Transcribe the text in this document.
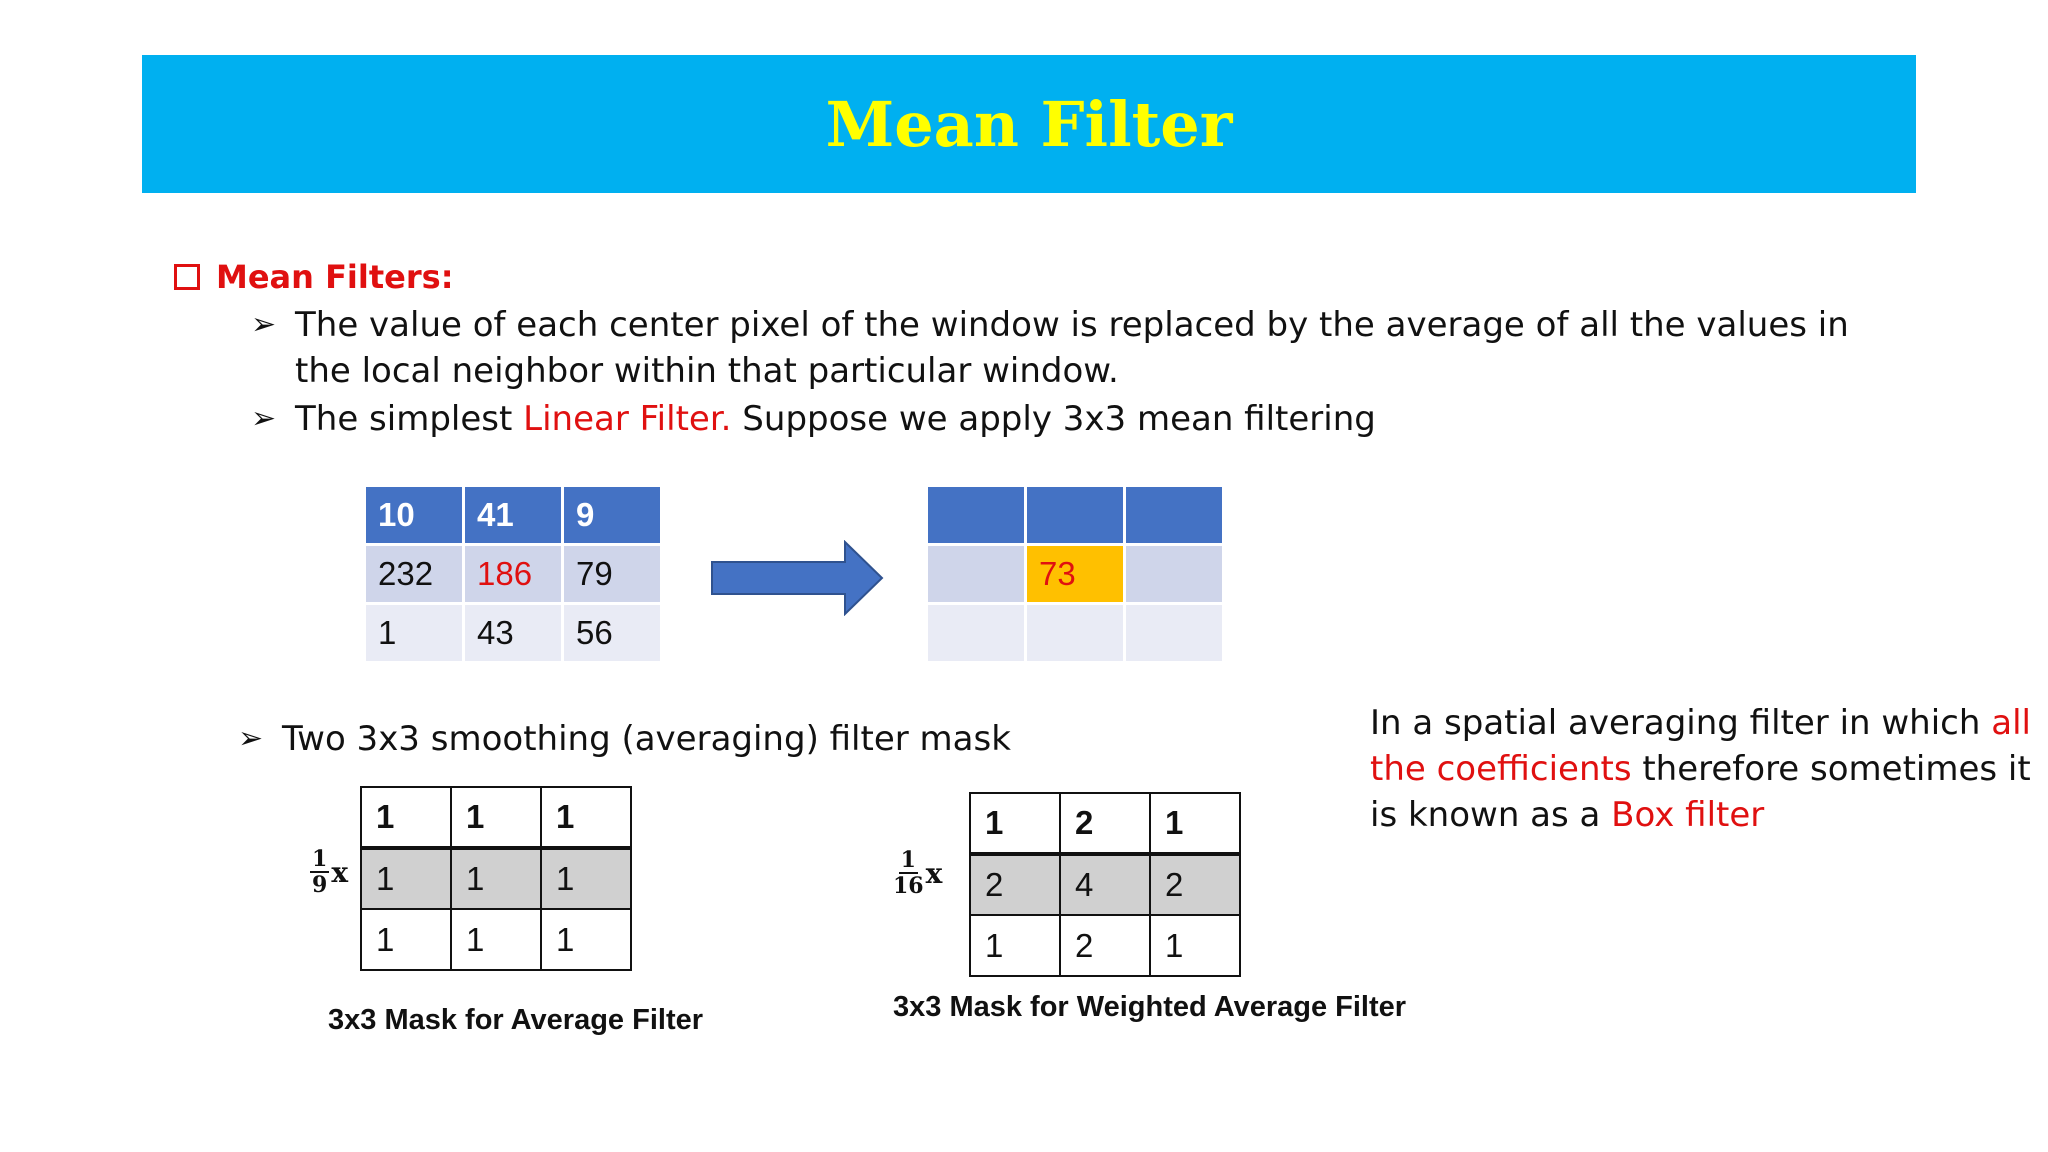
Mean Filter
Mean Filters:
➢ The value of each center pixel of the window is replaced by the average of all the values in the local neighbor within that particular window.
➢ The simplest Linear Filter. Suppose we apply 3x3 mean filtering
10	41	9
232	186	79
1	43	56

	73	

➢ Two 3x3 smoothing (averaging) filter mask
$\frac{1}{9}$ x
1	1	1
1	1	1
1	1	1
3x3 Mask for Average Filter
$\frac{1}{16}$ x
1	2	1
2	4	2
1	2	1
3x3 Mask for Weighted Average Filter
In a spatial averaging filter in which all the coefficients therefore sometimes it is known as a Box filter
